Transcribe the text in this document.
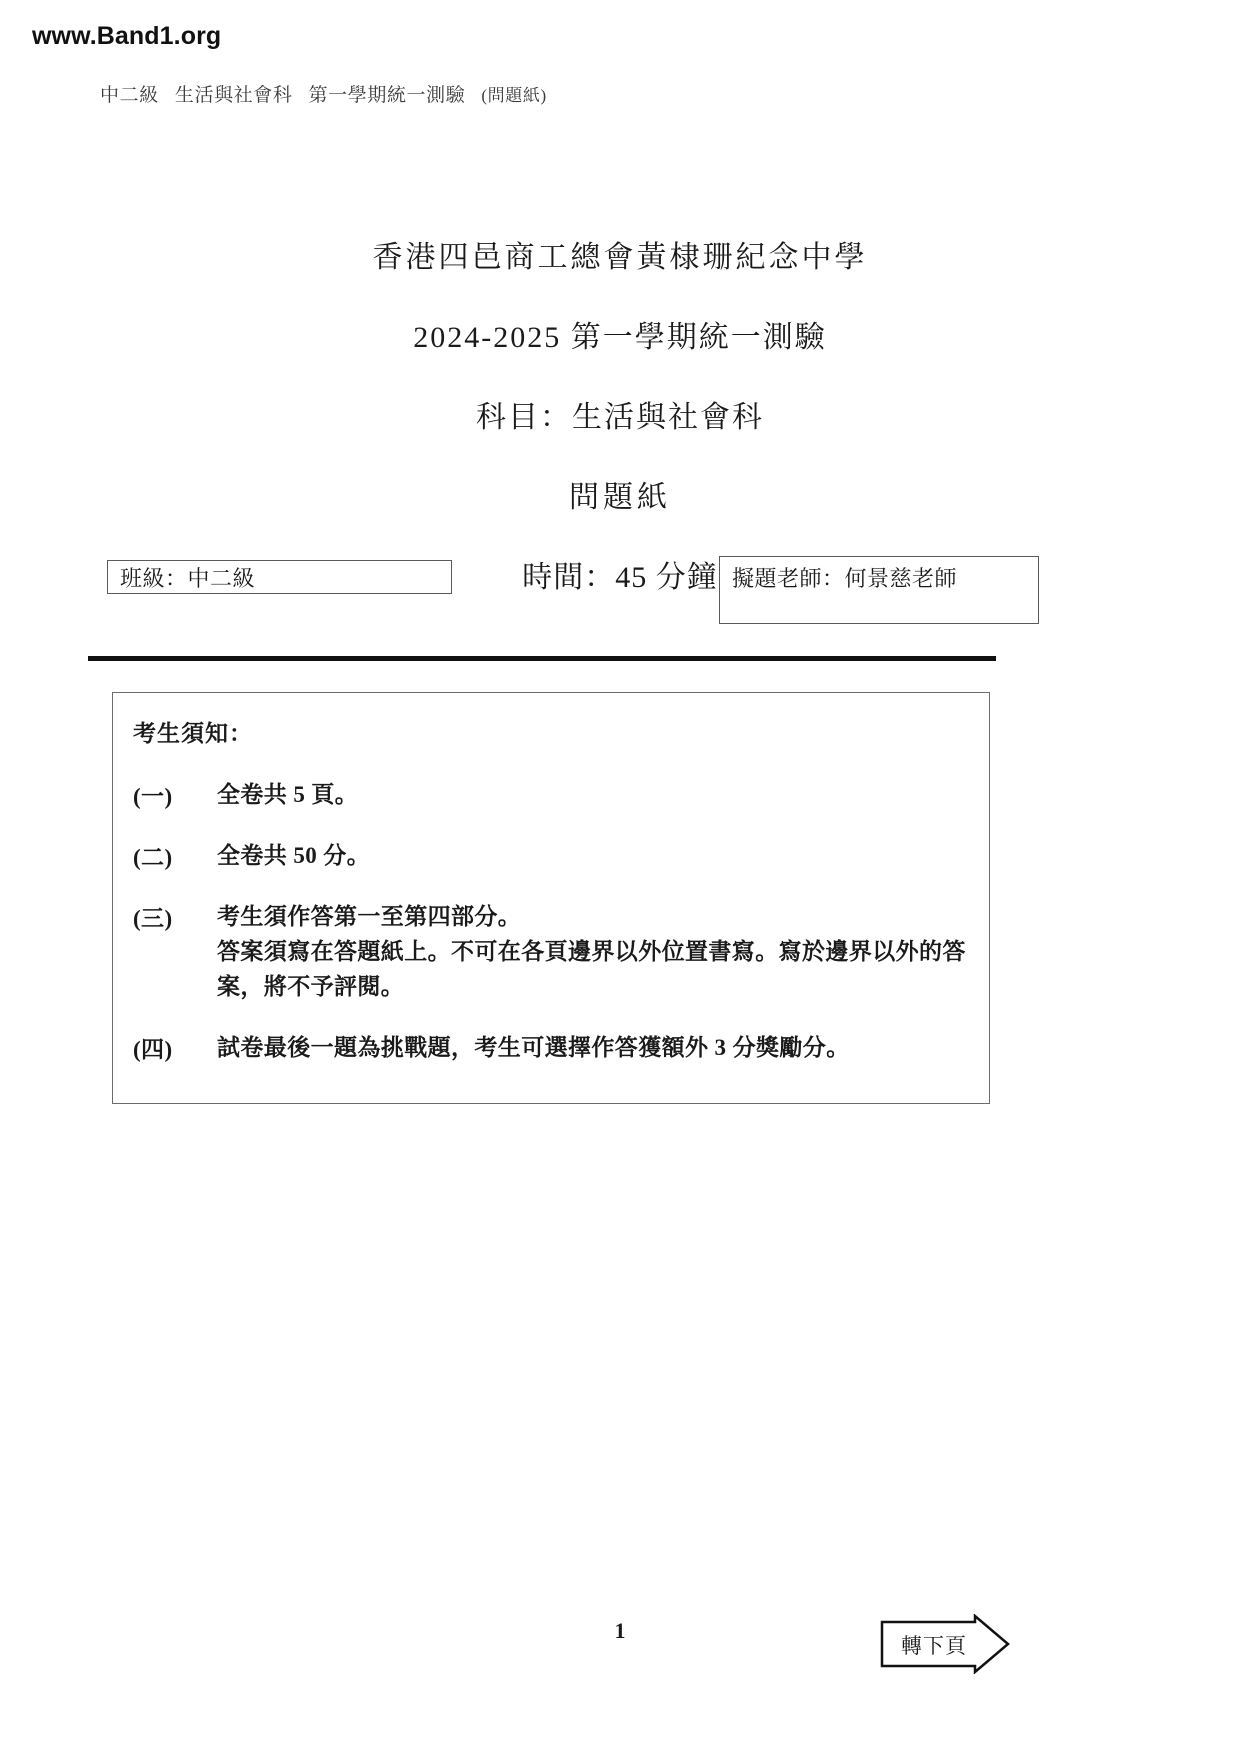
www.Band1.org
中二級 生活與社會科 第一學期統一測驗 (問題紙)
香港四邑商工總會黃棣珊紀念中學
2024-2025 第一學期統一測驗
科目：生活與社會科
問題紙
時間：45 分鐘
班級：中二級	擬題老師：何景慈老師
考生須知：
(一)	全卷共 5 頁。

(二)	全卷共 50 分。

(三)	考生須作答第一至第四部分。

答案須寫在答題紙上。不可在各頁邊界以外位置書寫。寫於邊界以外的答案，將不予評閱。

(四)	試卷最後一題為挑戰題，考生可選擇作答獲額外 3 分獎勵分。

1
轉下頁
